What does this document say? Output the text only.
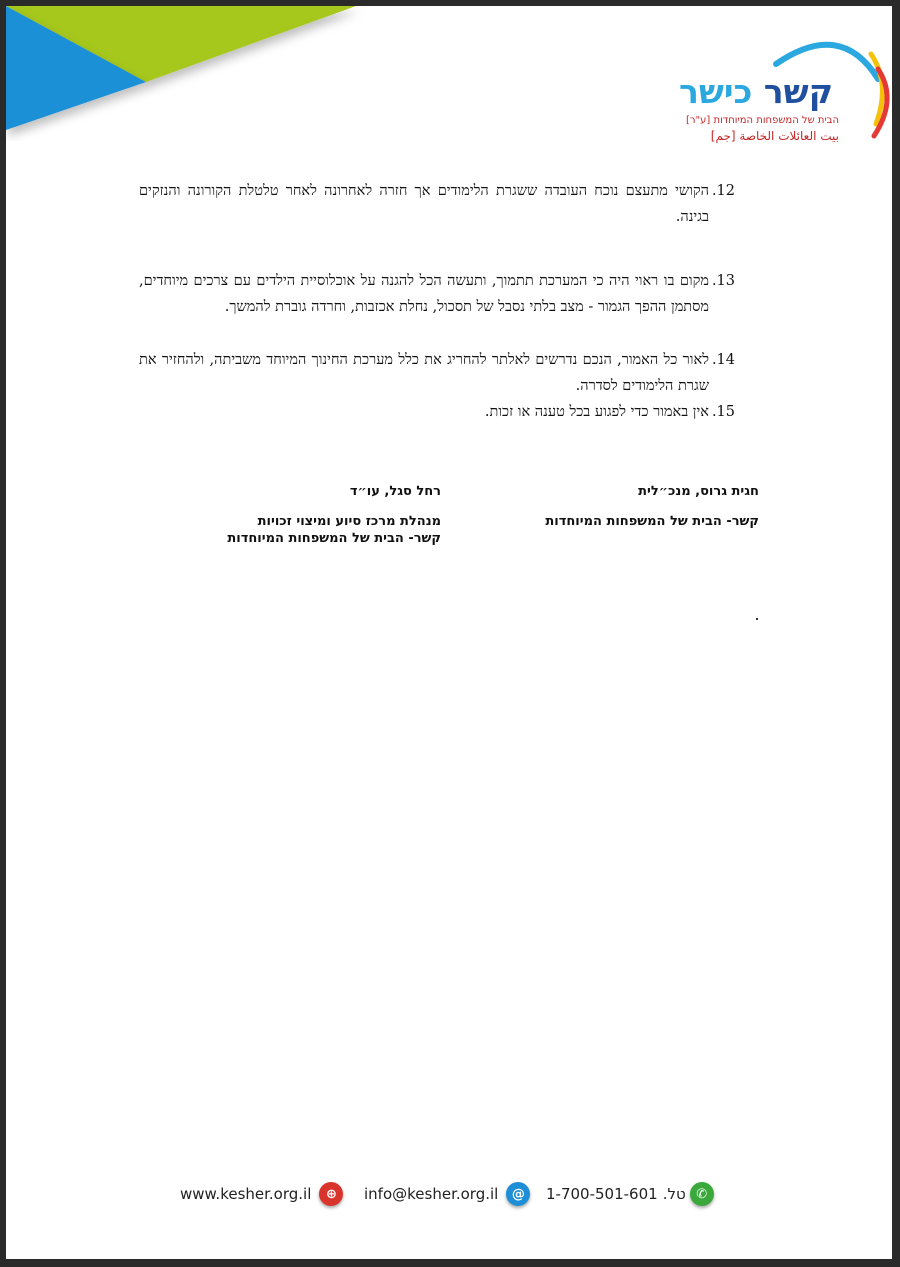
קשר כישר
הבית של המשפחות המיוחדות [ע"ר]
بيت العائلات الخاصة [جم]
12.
הקושי מתעצם נוכח העובדה ששגרת הלימודים אך חזרה לאחרונה לאחר טלטלת הקורונה והנזקים בגינה.
13.
מקום בו ראוי היה כי המערכת תתמוך, ותעשה הכל להגנה על אוכלוסיית הילדים עם צרכים מיוחדים, מסתמן ההפך הגמור - מצב בלתי נסבל של תסכול, נחלת אכזבות, וחרדה גוברת להמשך.
14.
לאור כל האמור, הנכם נדרשים לאלתר להחריג את כלל מערכת החינוך המיוחד משביתה, ולהחזיר את שגרת הלימודים לסדרה.
15.
אין באמור כדי לפגוע בכל טענה או זכות.
חגית גרוס, מנכ״לית
קשר- הבית של המשפחות המיוחדות
רחל סגל, עו״ד
מנהלת מרכז סיוע ומיצוי זכויות
קשר- הבית של המשפחות המיוחדות
1-700-501-601 טל. ✆
info@kesher.org.il	@
www.kesher.org.il	⊕
